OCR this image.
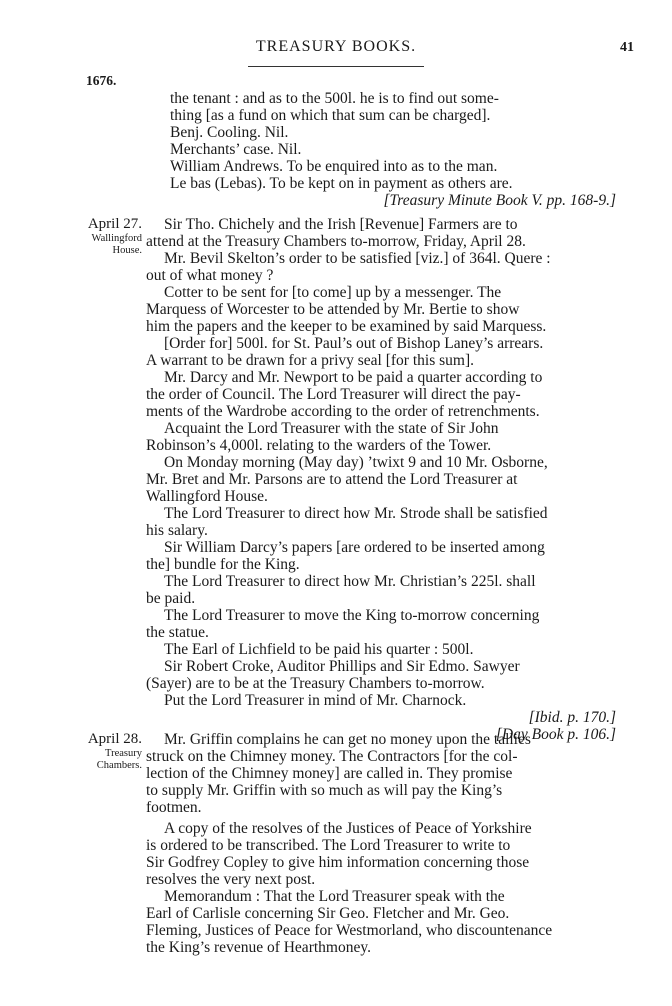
TREASURY BOOKS.	41
1676.
the tenant : and as to the 500l. he is to find out some-
thing [as a fund on which that sum can be charged].
Benj. Cooling. Nil.
Merchants’ case. Nil.
William Andrews. To be enquired into as to the man.
Le bas (Lebas). To be kept on in payment as others are.
[Treasury Minute Book V. pp. 168-9.]
April 27.
Wallingford
House.
Sir Tho. Chichely and the Irish [Revenue] Farmers are to
attend at the Treasury Chambers to-morrow, Friday, April 28.
Mr. Bevil Skelton’s order to be satisfied [viz.] of 364l. Quere :
out of what money ?
Cotter to be sent for [to come] up by a messenger. The
Marquess of Worcester to be attended by Mr. Bertie to show
him the papers and the keeper to be examined by said Marquess.
[Order for] 500l. for St. Paul’s out of Bishop Laney’s arrears.
A warrant to be drawn for a privy seal [for this sum].
Mr. Darcy and Mr. Newport to be paid a quarter according to
the order of Council. The Lord Treasurer will direct the pay-
ments of the Wardrobe according to the order of retrenchments.
Acquaint the Lord Treasurer with the state of Sir John
Robinson’s 4,000l. relating to the warders of the Tower.
On Monday morning (May day) ’twixt 9 and 10 Mr. Osborne,
Mr. Bret and Mr. Parsons are to attend the Lord Treasurer at
Wallingford House.
The Lord Treasurer to direct how Mr. Strode shall be satisfied
his salary.
Sir William Darcy’s papers [are ordered to be inserted among
the] bundle for the King.
The Lord Treasurer to direct how Mr. Christian’s 225l. shall
be paid.
The Lord Treasurer to move the King to-morrow concerning
the statue.
The Earl of Lichfield to be paid his quarter : 500l.
Sir Robert Croke, Auditor Phillips and Sir Edmo. Sawyer
(Sayer) are to be at the Treasury Chambers to-morrow.
Put the Lord Treasurer in mind of Mr. Charnock.
[Ibid. p. 170.]
[Day Book p. 106.]
April 28.
Treasury
Chambers.
Mr. Griffin complains he can get no money upon the tallies
struck on the Chimney money. The Contractors [for the col-
lection of the Chimney money] are called in. They promise
to supply Mr. Griffin with so much as will pay the King’s
footmen.
A copy of the resolves of the Justices of Peace of Yorkshire
is ordered to be transcribed. The Lord Treasurer to write to
Sir Godfrey Copley to give him information concerning those
resolves the very next post.
Memorandum : That the Lord Treasurer speak with the
Earl of Carlisle concerning Sir Geo. Fletcher and Mr. Geo.
Fleming, Justices of Peace for Westmorland, who discountenance
the King’s revenue of Hearthmoney.
